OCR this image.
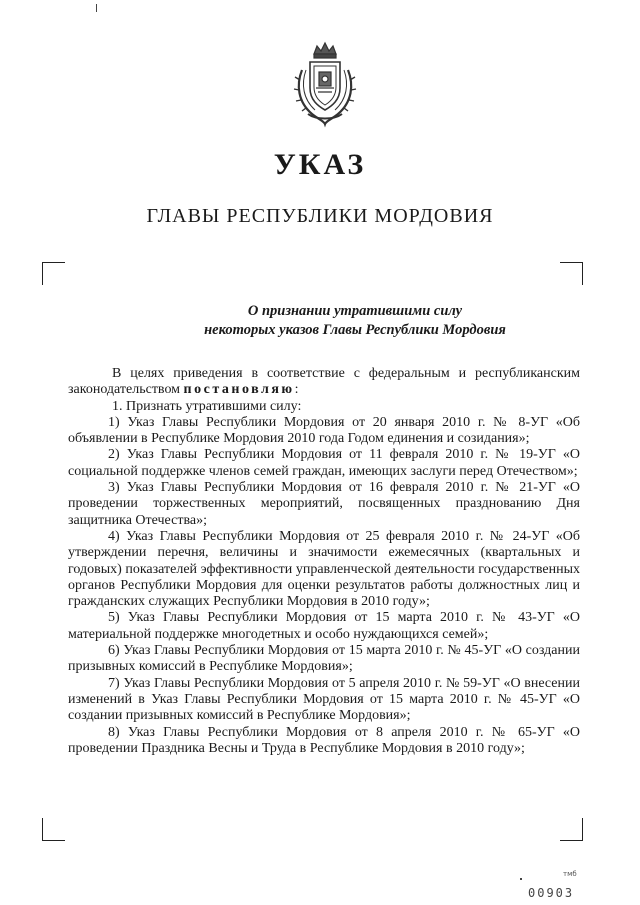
УКАЗ
ГЛАВЫ РЕСПУБЛИКИ МОРДОВИЯ
О признании утратившими силу
некоторых указов Главы Республики Мордовия

В целях приведения в соответствие с федеральным и республиканским законодательством постановляю:

1. Признать утратившими силу:

1) Указ Главы Республики Мордовия от 20 января 2010 г. № 8-УГ «Об объявлении в Республике Мордовия 2010 года Годом единения и созидания»;

2) Указ Главы Республики Мордовия от 11 февраля 2010 г. № 19-УГ «О социальной поддержке членов семей граждан, имеющих заслуги перед Отечеством»;

3) Указ Главы Республики Мордовия от 16 февраля 2010 г. № 21-УГ «О проведении торжественных мероприятий, посвященных празднованию Дня защитника Отечества»;

4) Указ Главы Республики Мордовия от 25 февраля 2010 г. № 24-УГ «Об утверждении перечня, величины и значимости ежемесячных (квартальных и годовых) показателей эффективности управленческой деятельности государственных органов Республики Мордовия для оценки результатов работы должностных лиц и гражданских служащих Республики Мордовия в 2010 году»;

5) Указ Главы Республики Мордовия от 15 марта 2010 г. № 43-УГ «О материальной поддержке многодетных и особо нуждающихся семей»;

6) Указ Главы Республики Мордовия от 15 марта 2010 г. № 45-УГ «О создании призывных комиссий в Республике Мордовия»;

7) Указ Главы Республики Мордовия от 5 апреля 2010 г. № 59-УГ «О внесении изменений в Указ Главы Республики Мордовия от 15 марта 2010 г. № 45-УГ «О создании призывных комиссий в Республике Мордовия»;

8) Указ Главы Республики Мордовия от 8 апреля 2010 г. № 65-УГ «О проведении Праздника Весны и Труда в Республике Мордовия в 2010 году»;

тмб
00903
